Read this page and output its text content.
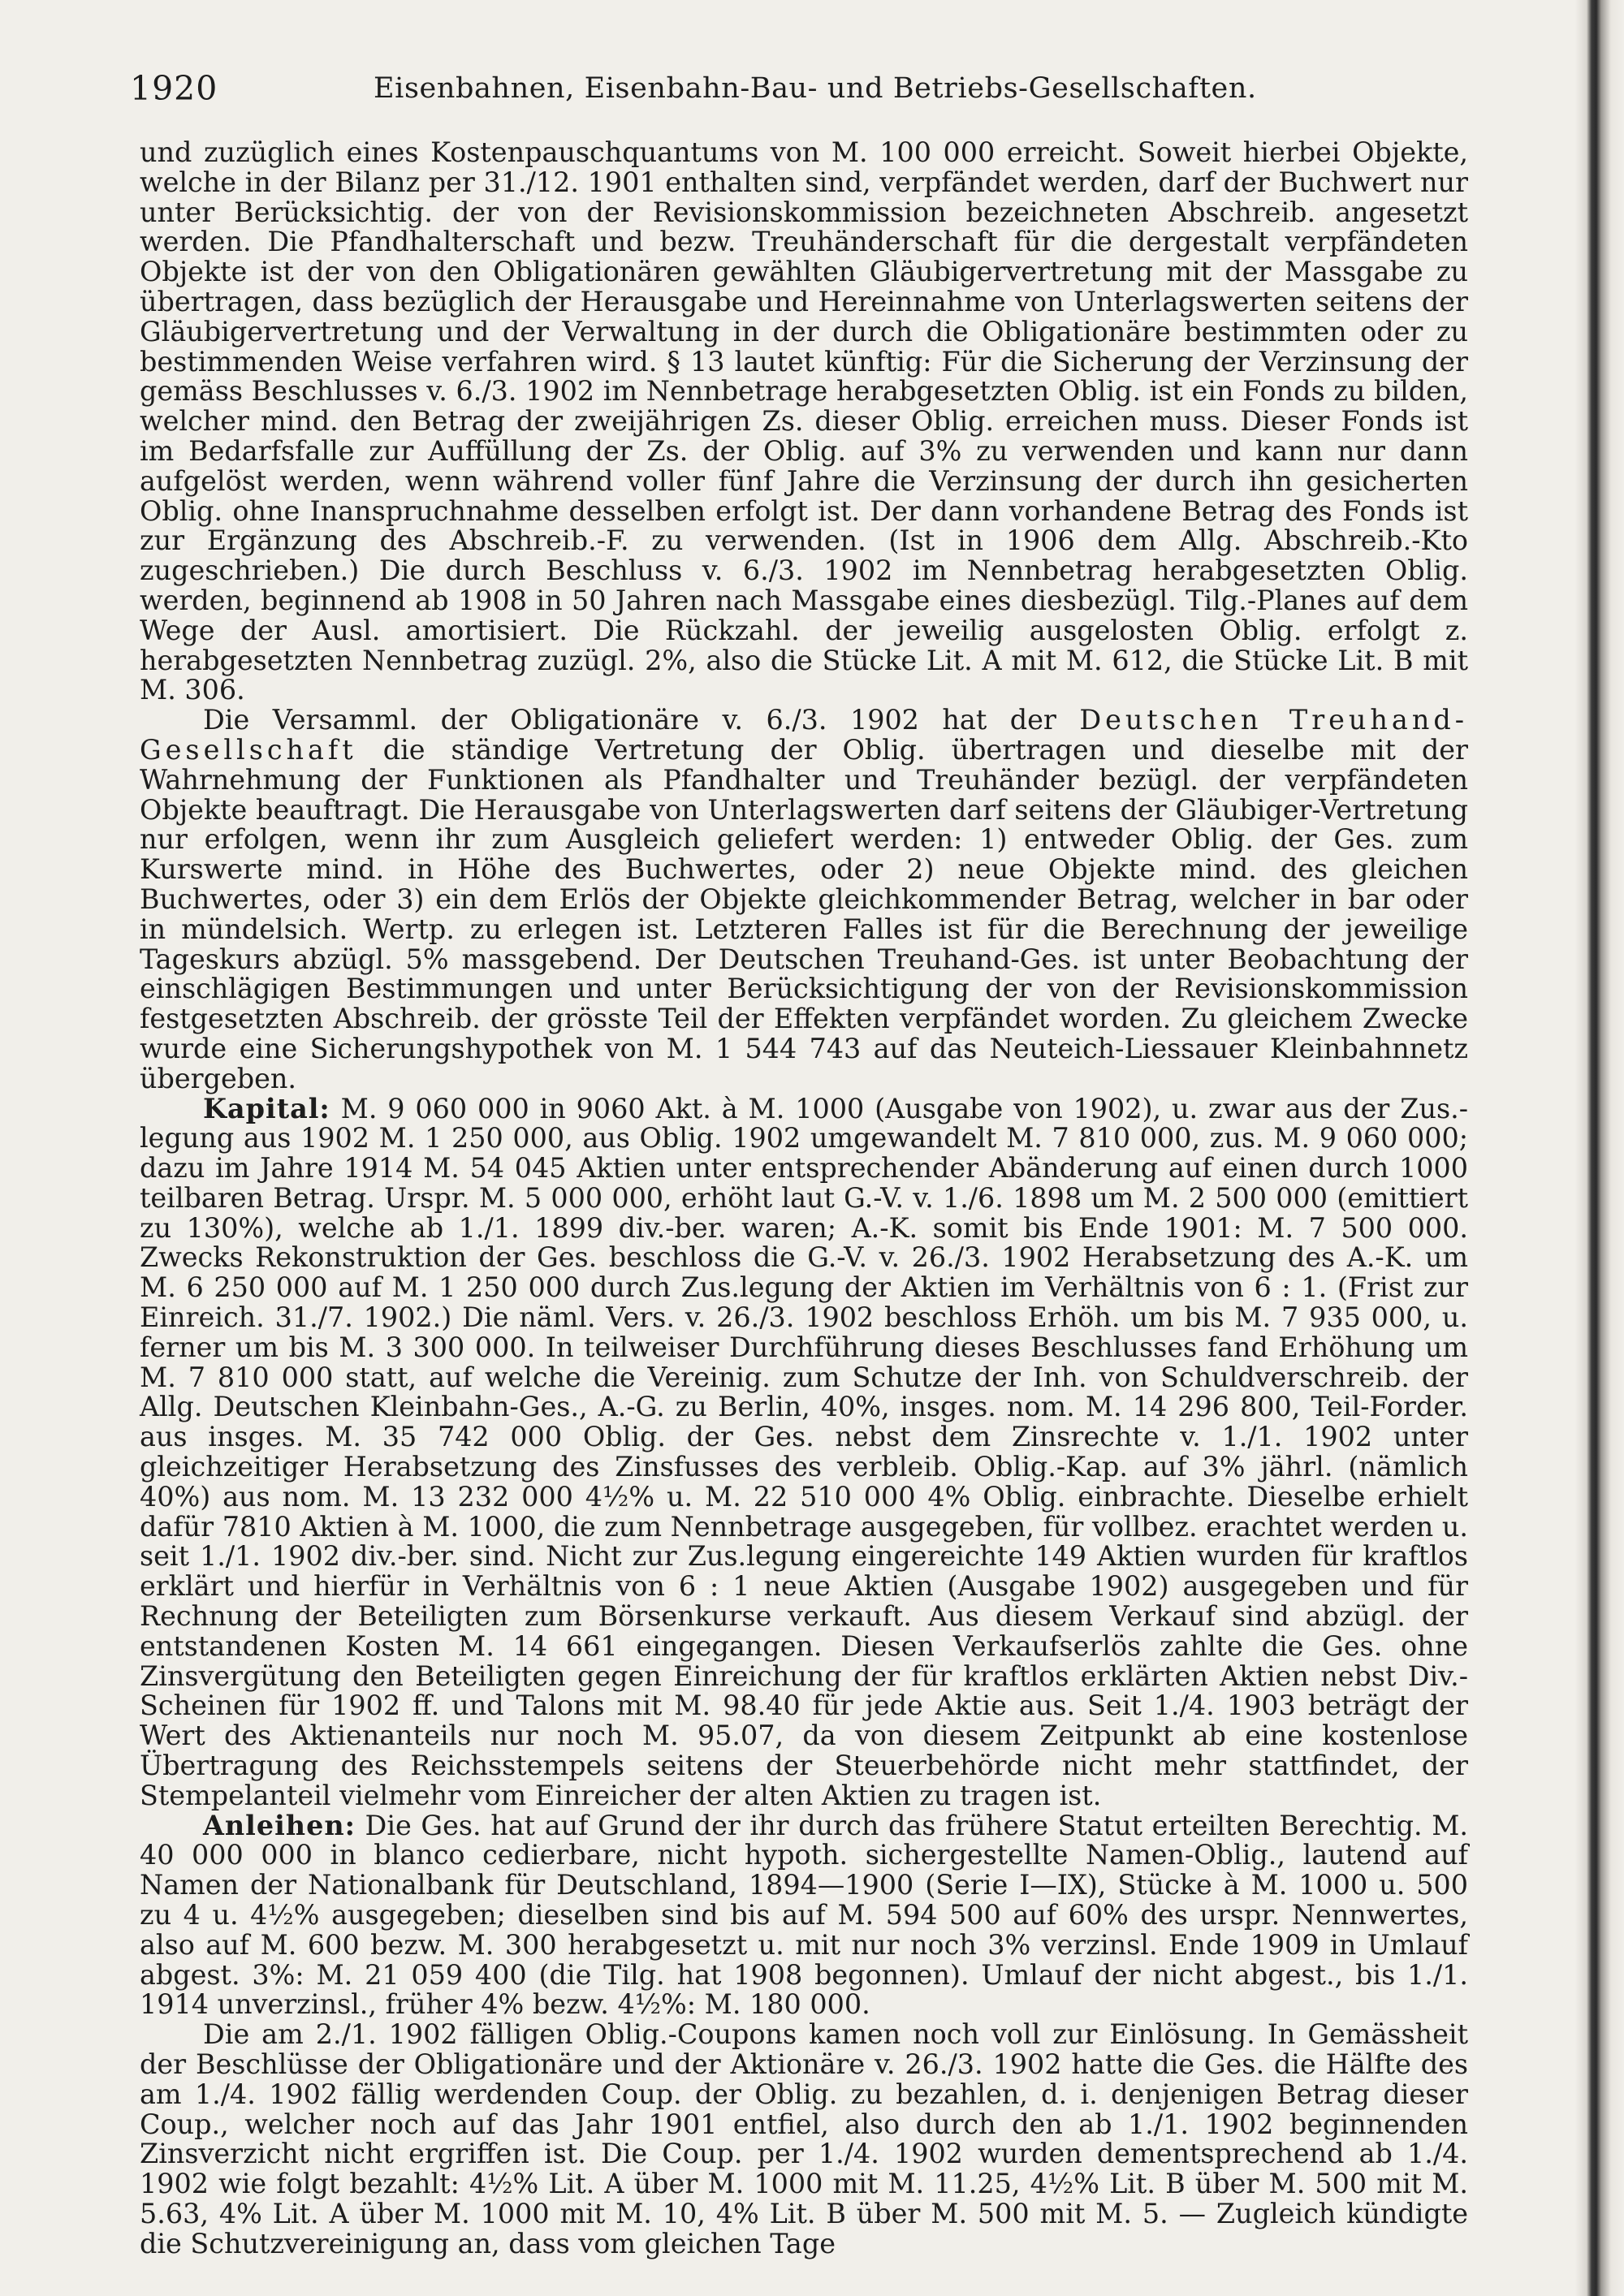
1920	Eisenbahnen, Eisenbahn-Bau- und Betriebs-Gesellschaften.

und zuzüglich eines Kostenpauschquantums von M. 100 000 erreicht. Soweit hierbei Objekte, welche in der Bilanz per 31./12. 1901 enthalten sind, verpfändet werden, darf der Buchwert nur unter Berücksichtig. der von der Revisionskommission bezeichneten Abschreib. angesetzt werden. Die Pfandhalterschaft und bezw. Treuhänderschaft für die dergestalt verpfändeten Objekte ist der von den Obligationären gewählten Gläubigervertretung mit der Massgabe zu übertragen, dass bezüglich der Herausgabe und Hereinnahme von Unterlagswerten seitens der Gläubigervertretung und der Verwaltung in der durch die Obligationäre bestimmten oder zu bestimmenden Weise verfahren wird. § 13 lautet künftig: Für die Sicherung der Verzinsung der gemäss Beschlusses v. 6./3. 1902 im Nennbetrage herabgesetzten Oblig. ist ein Fonds zu bilden, welcher mind. den Betrag der zweijährigen Zs. dieser Oblig. erreichen muss. Dieser Fonds ist im Bedarfsfalle zur Auffüllung der Zs. der Oblig. auf 3% zu verwenden und kann nur dann aufgelöst werden, wenn während voller fünf Jahre die Verzinsung der durch ihn gesicherten Oblig. ohne Inanspruchnahme desselben erfolgt ist. Der dann vorhandene Betrag des Fonds ist zur Ergänzung des Abschreib.-F. zu verwenden. (Ist in 1906 dem Allg. Abschreib.-Kto zugeschrieben.) Die durch Beschluss v. 6./3. 1902 im Nennbetrag herabgesetzten Oblig. werden, beginnend ab 1908 in 50 Jahren nach Massgabe eines diesbezügl. Tilg.-Planes auf dem Wege der Ausl. amortisiert. Die Rückzahl. der jeweilig ausgelosten Oblig. erfolgt z. herabgesetzten Nennbetrag zuzügl. 2%, also die Stücke Lit. A mit M. 612, die Stücke Lit. B mit M. 306.

Die Versamml. der Obligationäre v. 6./3. 1902 hat der Deutschen Treuhand-Gesellschaft die ständige Vertretung der Oblig. übertragen und dieselbe mit der Wahrnehmung der Funktionen als Pfandhalter und Treuhänder bezügl. der verpfändeten Objekte beauftragt. Die Herausgabe von Unterlagswerten darf seitens der Gläubiger-Vertretung nur erfolgen, wenn ihr zum Ausgleich geliefert werden: 1) entweder Oblig. der Ges. zum Kurswerte mind. in Höhe des Buchwertes, oder 2) neue Objekte mind. des gleichen Buchwertes, oder 3) ein dem Erlös der Objekte gleichkommender Betrag, welcher in bar oder in mündelsich. Wertp. zu erlegen ist. Letzteren Falles ist für die Berechnung der jeweilige Tageskurs abzügl. 5% massgebend. Der Deutschen Treuhand-Ges. ist unter Beobachtung der einschlägigen Bestimmungen und unter Berücksichtigung der von der Revisionskommission festgesetzten Abschreib. der grösste Teil der Effekten verpfändet worden. Zu gleichem Zwecke wurde eine Sicherungshypothek von M. 1 544 743 auf das Neuteich-Liessauer Kleinbahnnetz übergeben.

Kapital: M. 9 060 000 in 9060 Akt. à M. 1000 (Ausgabe von 1902), u. zwar aus der Zus.-legung aus 1902 M. 1 250 000, aus Oblig. 1902 umgewandelt M. 7 810 000, zus. M. 9 060 000; dazu im Jahre 1914 M. 54 045 Aktien unter entsprechender Abänderung auf einen durch 1000 teilbaren Betrag. Urspr. M. 5 000 000, erhöht laut G.-V. v. 1./6. 1898 um M. 2 500 000 (emittiert zu 130%), welche ab 1./1. 1899 div.-ber. waren; A.-K. somit bis Ende 1901: M. 7 500 000. Zwecks Rekonstruktion der Ges. beschloss die G.-V. v. 26./3. 1902 Herabsetzung des A.-K. um M. 6 250 000 auf M. 1 250 000 durch Zus.legung der Aktien im Verhältnis von 6 : 1. (Frist zur Einreich. 31./7. 1902.) Die näml. Vers. v. 26./3. 1902 beschloss Erhöh. um bis M. 7 935 000, u. ferner um bis M. 3 300 000. In teilweiser Durchführung dieses Beschlusses fand Erhöhung um M. 7 810 000 statt, auf welche die Vereinig. zum Schutze der Inh. von Schuldverschreib. der Allg. Deutschen Kleinbahn-Ges., A.-G. zu Berlin, 40%, insges. nom. M. 14 296 800, Teil-Forder. aus insges. M. 35 742 000 Oblig. der Ges. nebst dem Zinsrechte v. 1./1. 1902 unter gleichzeitiger Herabsetzung des Zinsfusses des verbleib. Oblig.-Kap. auf 3% jährl. (nämlich 40%) aus nom. M. 13 232 000 4½% u. M. 22 510 000 4% Oblig. einbrachte. Dieselbe erhielt dafür 7810 Aktien à M. 1000, die zum Nennbetrage ausgegeben, für vollbez. erachtet werden u. seit 1./1. 1902 div.-ber. sind. Nicht zur Zus.legung eingereichte 149 Aktien wurden für kraftlos erklärt und hierfür in Verhältnis von 6 : 1 neue Aktien (Ausgabe 1902) ausgegeben und für Rechnung der Beteiligten zum Börsenkurse verkauft. Aus diesem Verkauf sind abzügl. der entstandenen Kosten M. 14 661 eingegangen. Diesen Verkaufserlös zahlte die Ges. ohne Zinsvergütung den Beteiligten gegen Einreichung der für kraftlos erklärten Aktien nebst Div.-Scheinen für 1902 ff. und Talons mit M. 98.40 für jede Aktie aus. Seit 1./4. 1903 beträgt der Wert des Aktienanteils nur noch M. 95.07, da von diesem Zeitpunkt ab eine kostenlose Übertragung des Reichsstempels seitens der Steuerbehörde nicht mehr stattfindet, der Stempelanteil vielmehr vom Einreicher der alten Aktien zu tragen ist.

Anleihen: Die Ges. hat auf Grund der ihr durch das frühere Statut erteilten Berechtig. M. 40 000 000 in blanco cedierbare, nicht hypoth. sichergestellte Namen-Oblig., lautend auf Namen der Nationalbank für Deutschland, 1894—1900 (Serie I—IX), Stücke à M. 1000 u. 500 zu 4 u. 4½% ausgegeben; dieselben sind bis auf M. 594 500 auf 60% des urspr. Nennwertes, also auf M. 600 bezw. M. 300 herabgesetzt u. mit nur noch 3% verzinsl. Ende 1909 in Umlauf abgest. 3%: M. 21 059 400 (die Tilg. hat 1908 begonnen). Umlauf der nicht abgest., bis 1./1. 1914 unverzinsl., früher 4% bezw. 4½%: M. 180 000.

Die am 2./1. 1902 fälligen Oblig.-Coupons kamen noch voll zur Einlösung. In Gemässheit der Beschlüsse der Obligationäre und der Aktionäre v. 26./3. 1902 hatte die Ges. die Hälfte des am 1./4. 1902 fällig werdenden Coup. der Oblig. zu bezahlen, d. i. denjenigen Betrag dieser Coup., welcher noch auf das Jahr 1901 entfiel, also durch den ab 1./1. 1902 beginnenden Zinsverzicht nicht ergriffen ist. Die Coup. per 1./4. 1902 wurden dementsprechend ab 1./4. 1902 wie folgt bezahlt: 4½% Lit. A über M. 1000 mit M. 11.25, 4½% Lit. B über M. 500 mit M. 5.63, 4% Lit. A über M. 1000 mit M. 10, 4% Lit. B über M. 500 mit M. 5. — Zugleich kündigte die Schutzvereinigung an, dass vom gleichen Tage
